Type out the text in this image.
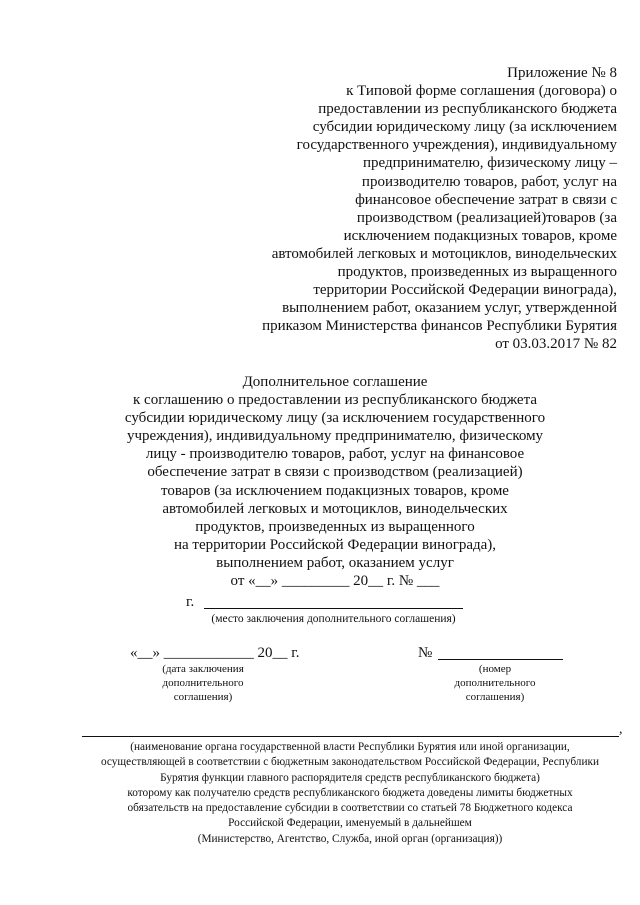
Приложение № 8
к Типовой форме соглашения (договора) о
предоставлении из республиканского бюджета
субсидии юридическому лицу (за исключением
государственного учреждения), индивидуальному
предпринимателю, физическому лицу –
производителю товаров, работ, услуг на
финансовое обеспечение затрат в связи с
производством (реализацией)товаров (за
исключением подакцизных товаров, кроме
автомобилей легковых и мотоциклов, винодельческих
продуктов, произведенных из выращенного
территории Российской Федерации винограда),
выполнением работ, оказанием услуг, утвержденной
приказом Министерства финансов Республики Бурятия
от 03.03.2017 № 82
Дополнительное соглашение
к соглашению о предоставлении из республиканского бюджета
субсидии юридическому лицу (за исключением государственного
учреждения), индивидуальному предпринимателю, физическому
лицу - производителю товаров, работ, услуг на финансовое
обеспечение затрат в связи с производством (реализацией)
товаров (за исключением подакцизных товаров, кроме
автомобилей легковых и мотоциклов, винодельческих
продуктов, произведенных из выращенного
на территории Российской Федерации винограда),
выполнением работ, оказанием услуг
от «__» _________ 20__ г. № ___
г.
(место заключения дополнительного соглашения)
«__» ____________ 20__ г.
(дата заключения
дополнительного
соглашения)
№
(номер
дополнительного
соглашения)
,
(наименование органа государственной власти Республики Бурятия или иной организации,
осуществляющей в соответствии с бюджетным законодательством Российской Федерации, Республики
Бурятия функции главного распорядителя средств республиканского бюджета)
которому как получателю средств республиканского бюджета доведены лимиты бюджетных
обязательств на предоставление субсидии в соответствии со статьей 78 Бюджетного кодекса
Российской Федерации, именуемый в дальнейшем
(Министерство, Агентство, Служба, иной орган (организация))
